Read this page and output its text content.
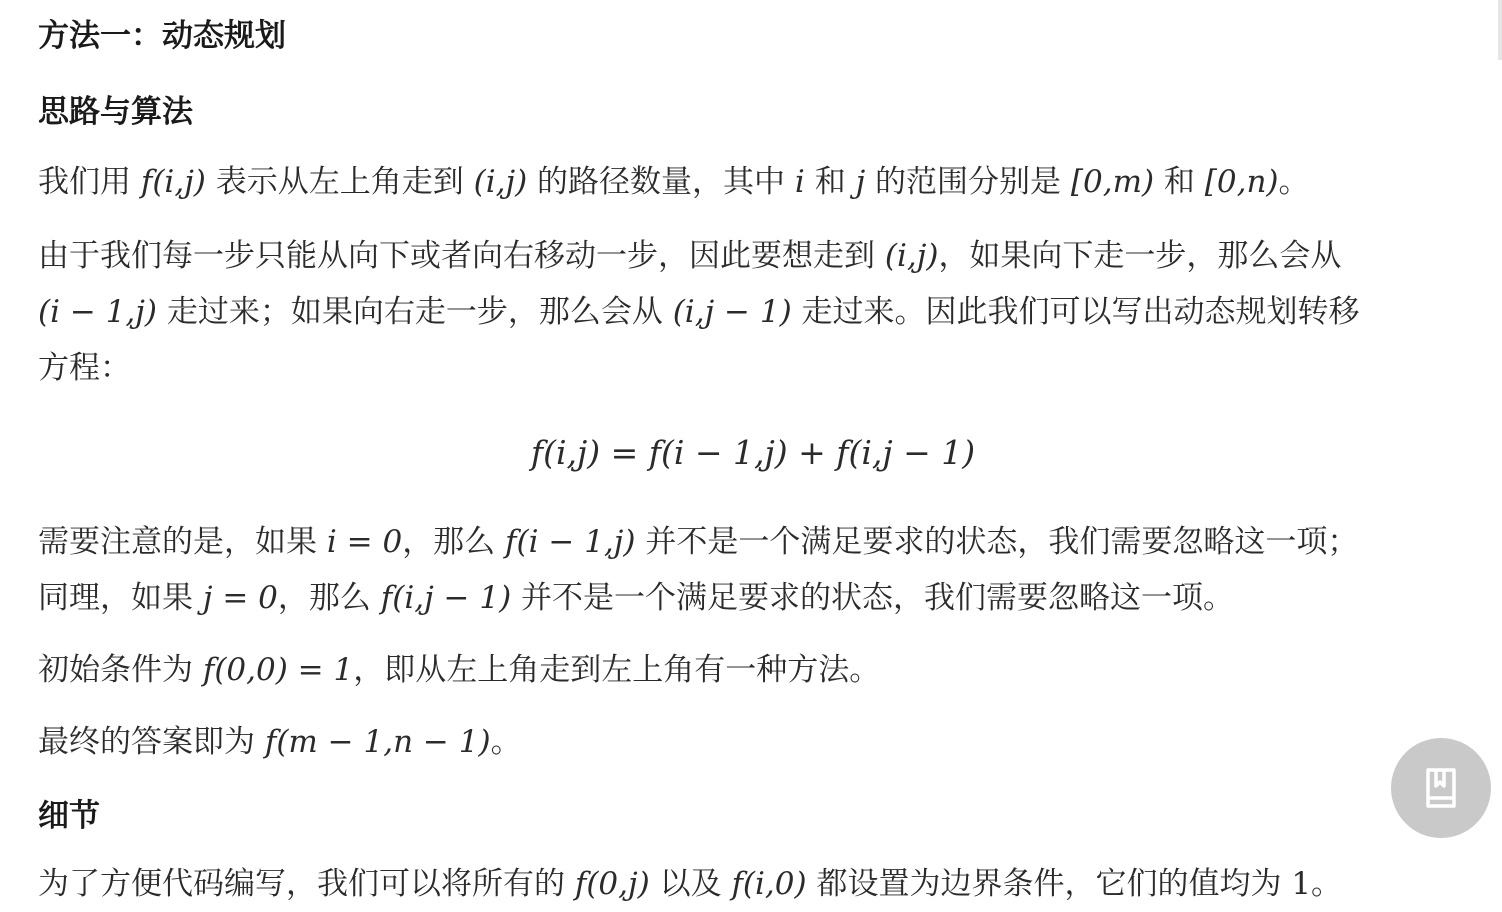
方法一：动态规划
思路与算法
我们用 f(i,j) 表示从左上角走到 (i,j) 的路径数量，其中 i 和 j 的范围分别是 [0,m) 和 [0,n)。
由于我们每一步只能从向下或者向右移动一步，因此要想走到 (i,j)，如果向下走一步，那么会从
(i − 1,j) 走过来；如果向右走一步，那么会从 (i,j − 1) 走过来。因此我们可以写出动态规划转移
方程：
f(i,j) = f(i − 1,j) + f(i,j − 1)
需要注意的是，如果 i = 0，那么 f(i − 1,j) 并不是一个满足要求的状态，我们需要忽略这一项；
同理，如果 j = 0，那么 f(i,j − 1) 并不是一个满足要求的状态，我们需要忽略这一项。
初始条件为 f(0,0) = 1，即从左上角走到左上角有一种方法。
最终的答案即为 f(m − 1,n − 1)。
细节
为了方便代码编写，我们可以将所有的 f(0,j) 以及 f(i,0) 都设置为边界条件，它们的值均为 1。
